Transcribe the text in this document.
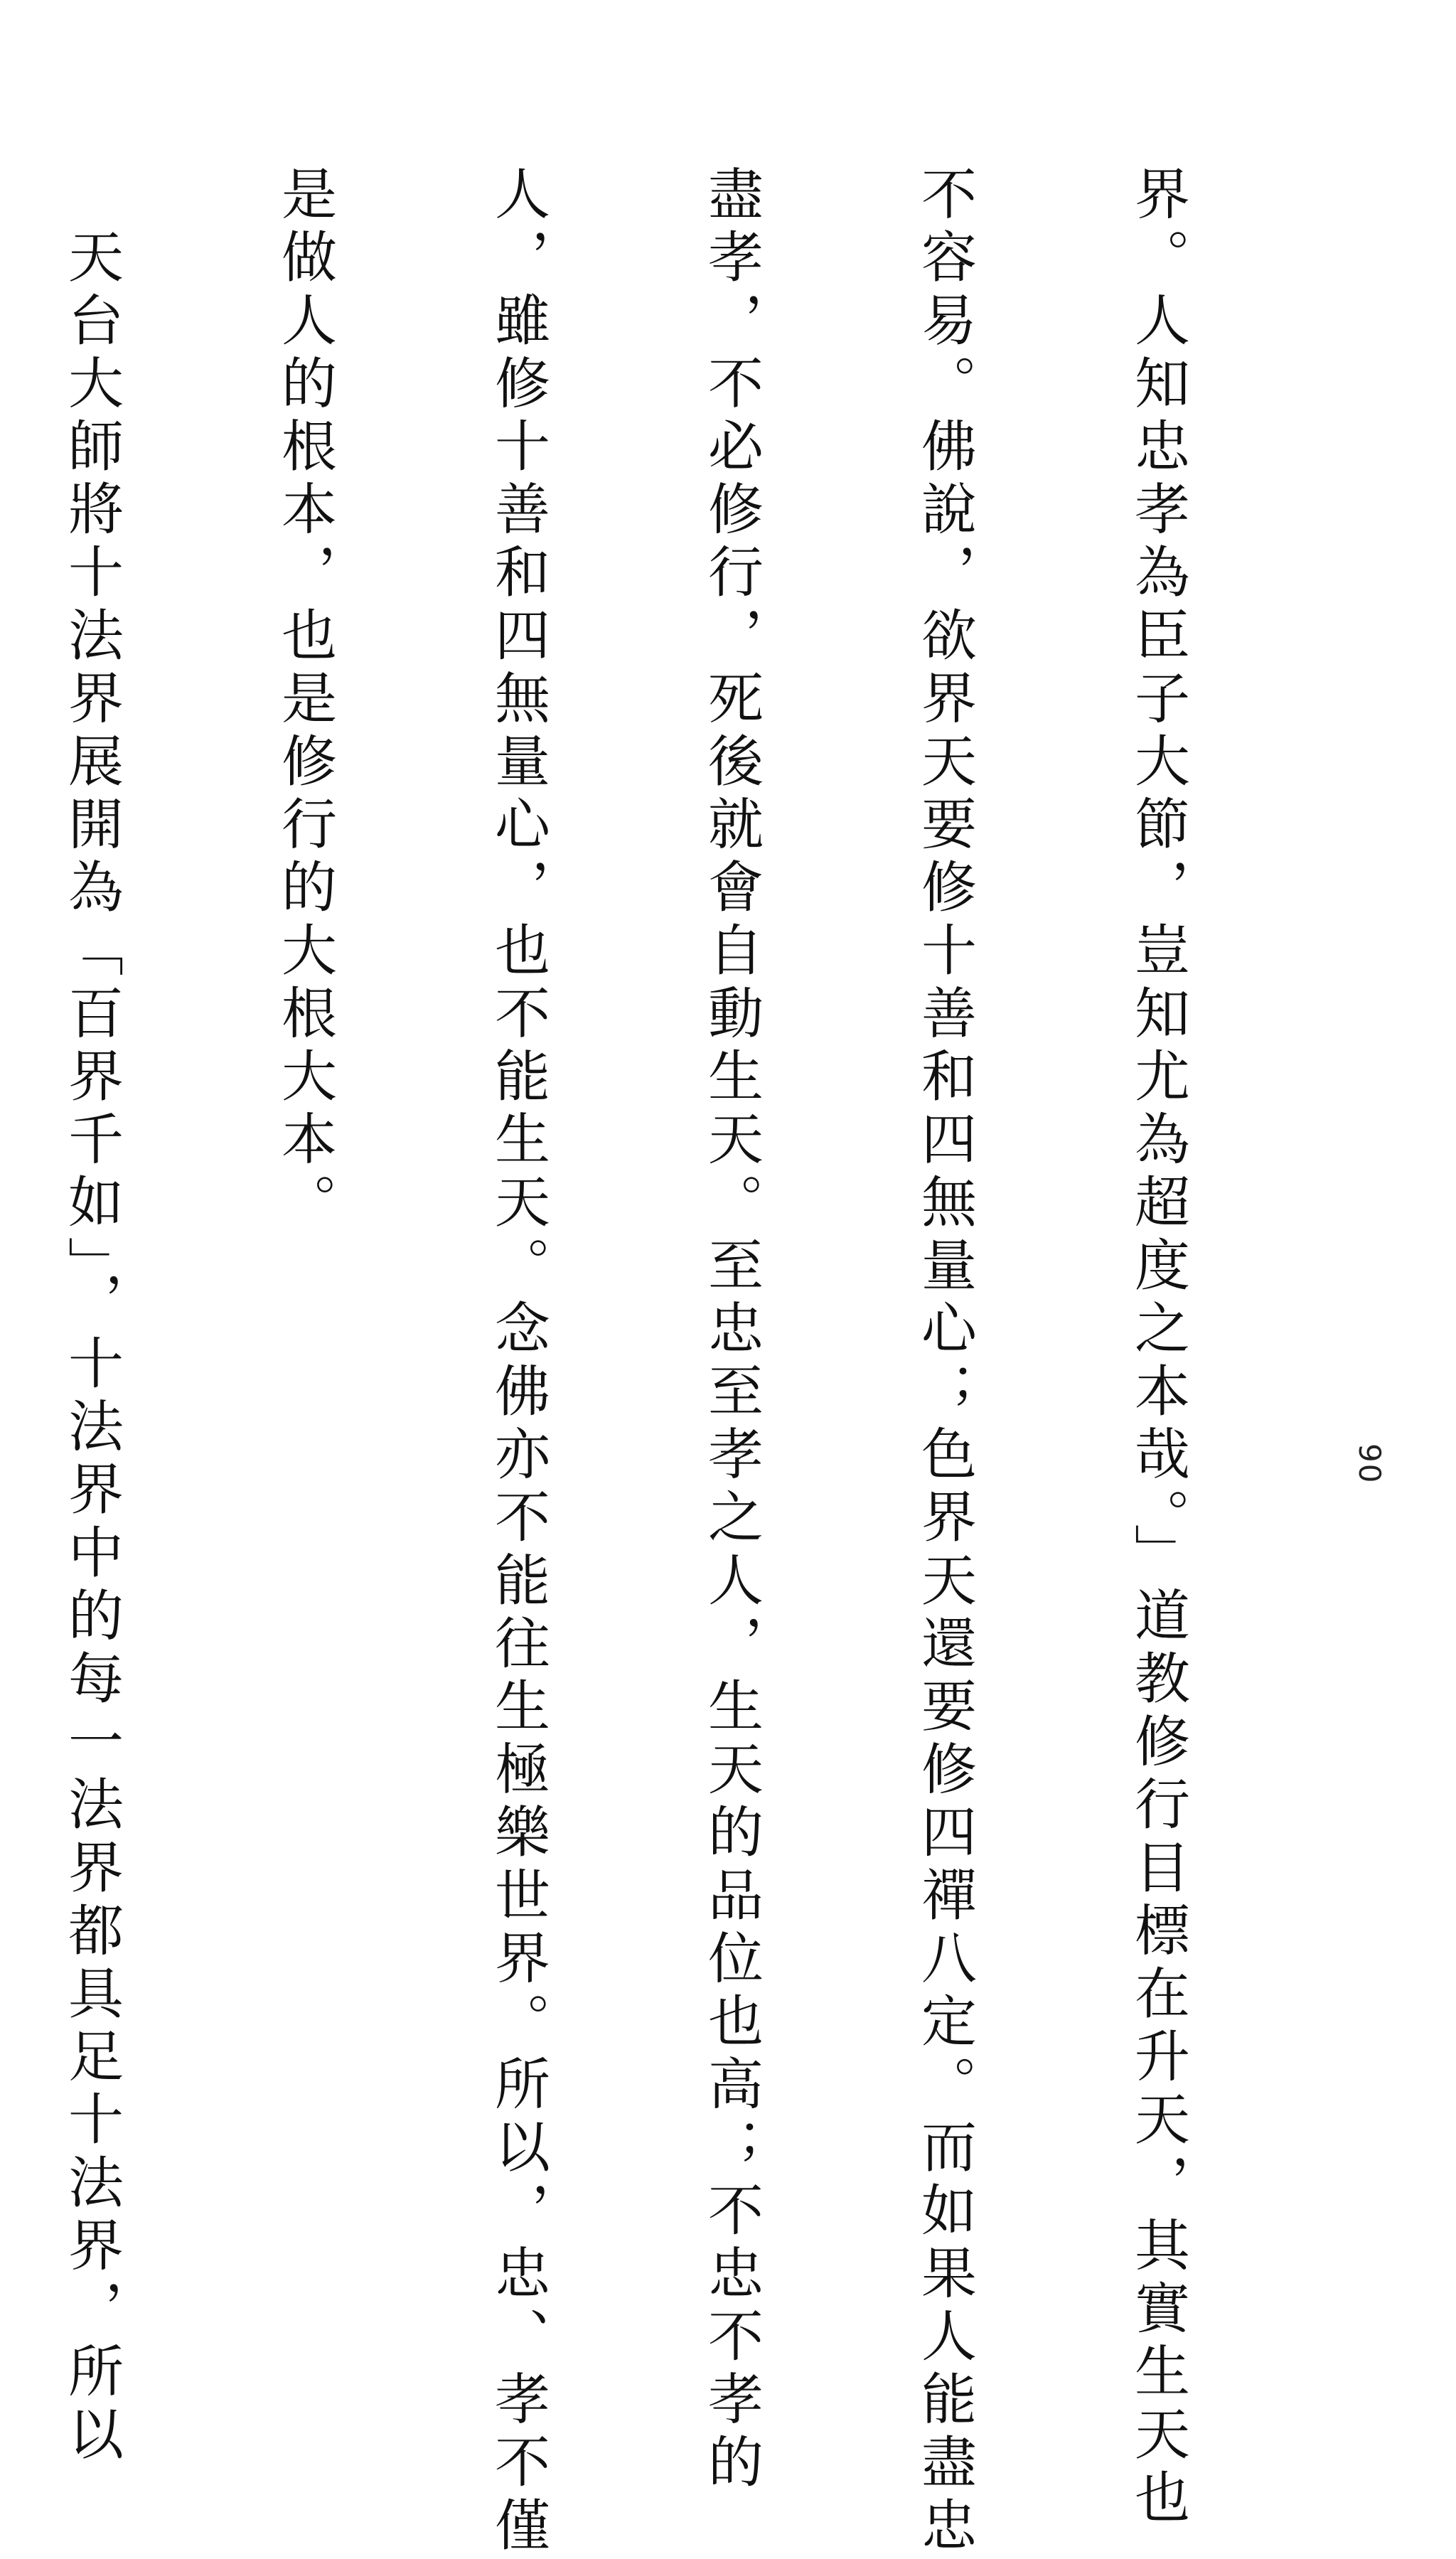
90

界。人知忠孝為臣子大節，豈知尤為超度之本哉。」道教修行目標在升天，其實生天也

不容易。佛說，欲界天要修十善和四無量心；色界天還要修四禪八定。而如果人能盡忠

盡孝，不必修行，死後就會自動生天。至忠至孝之人，生天的品位也高；不忠不孝的

人，雖修十善和四無量心，也不能生天。念佛亦不能往生極樂世界。所以，忠、孝不僅

是做人的根本，也是修行的大根大本。

　天台大師將十法界展開為「百界千如」，十法界中的每一法界都具足十法界，所以
